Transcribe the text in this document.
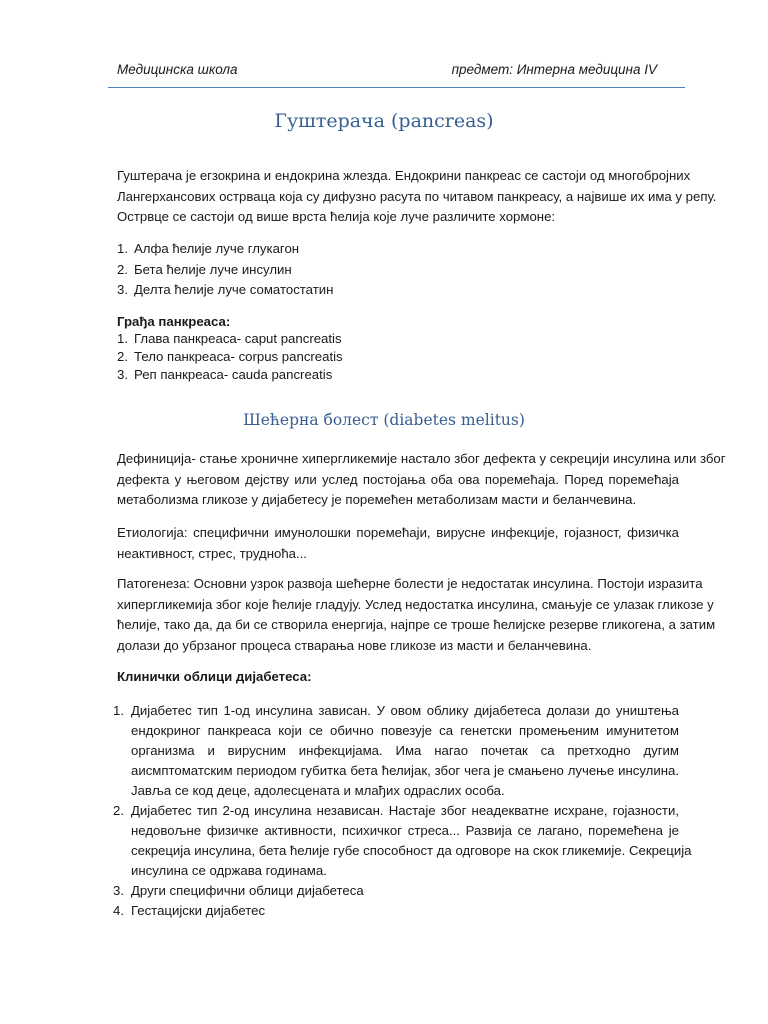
Медицинска школа	предмет: Интерна медицина IV
Гуштерача (pancreas)
Гуштерача је егзокрина и ендокрина жлезда. Ендокрини панкреас се састоји од многобројних
Лангерхансових острваца која су дифузно расута по читавом панкреасу, а највише их има у репу.
Острвце се састоји од више врста ћелија које луче различите хормоне:
1. Алфа ћелије луче глукагон
2. Бета ћелије луче инсулин
3. Делта ћелије луче соматостатин
Грађа панкреаса:
1. Глава панкреаса- caput pancreatis
2. Тело панкреаса- corpus pancreatis
3. Реп панкреаса- cauda pancreatis
Шећерна болест (diabetes melitus)
Дефиниција- стање хроничне хипергликемије настало због дефекта у секрецији инсулина или због
дефекта у његовом дејству или услед постојања оба ова поремећаја. Поред поремећаја
метаболизма гликозе у дијабетесу је поремећен метаболизам масти и беланчевина.
Етиологија: специфични имунолошки поремећаји, вирусне инфекције, гојазност, физичка
неактивност, стрес, трудноћа...
Патогенеза: Основни узрок развоја шећерне болести је недостатак инсулина. Постоји изразита
хипергликемија због које ћелије гладују. Услед недостатка инсулина, смањује се улазак гликозе у
ћелије, тако да, да би се створила енергија, најпре се троше ћелијске резерве гликогена, а затим
долази до убрзаног процеса стварања нове гликозе из масти и беланчевина.
Клинички облици дијабетеса:
1. Дијабетес тип 1-од инсулина зависан. У овом облику дијабетеса долази до уништења
ендокриног панкреаса који се обично повезује са генетски промењеним имунитетом
организма и вирусним инфекцијама. Има нагао почетак са претходно дугим
аисмптоматским периодом губитка бета ћелијак, због чега је смањено лучење инсулина.
Јавља се код деце, адолесцената и млађих одраслих особа.
2. Дијабетес тип 2-од инсулина независан. Настаје због неадекватне исхране, гојазности,
недовољне физичке активности, психичког стреса... Развија се лагано, поремећена је
секреција инсулина, бета ћелије губе способност да одговоре на скок гликемије. Секреција
инсулина се одржава годинама.
3. Други специфични облици дијабетеса
4. Гестацијски дијабетес
